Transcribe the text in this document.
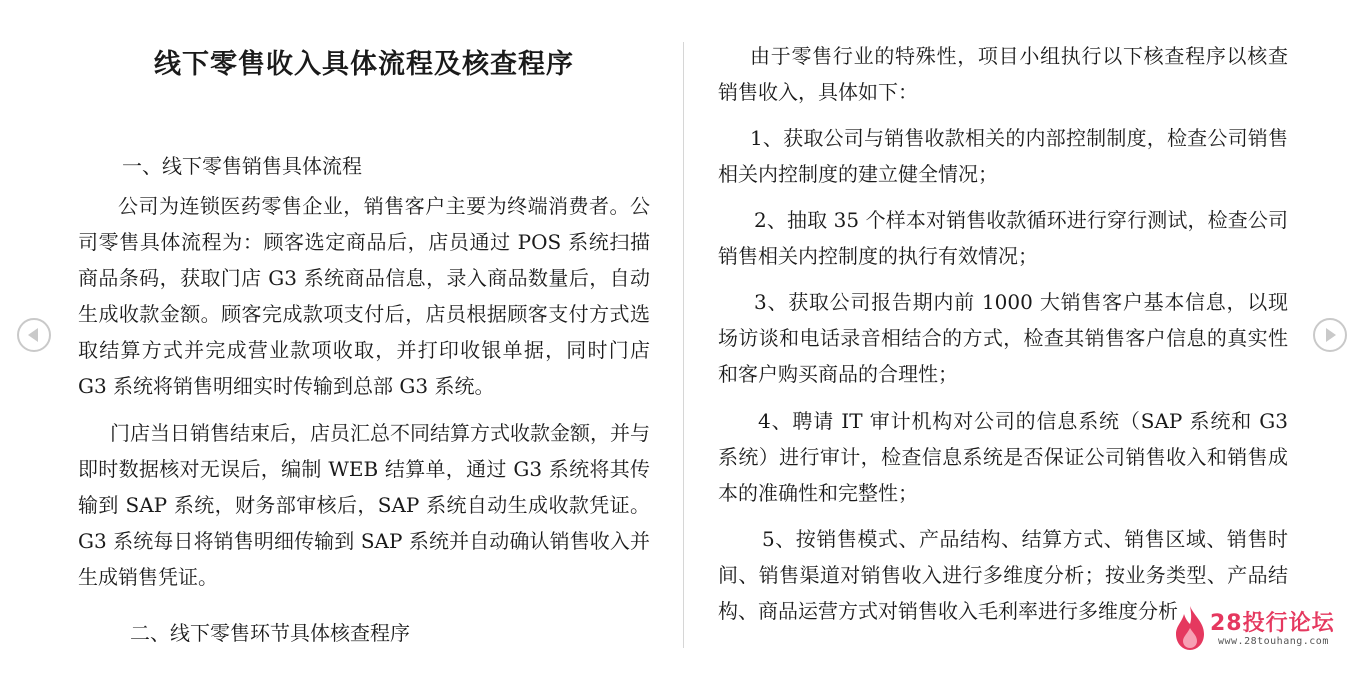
线下零售收入具体流程及核查程序
一、线下零售销售具体流程

公司为连锁医药零售企业，销售客户主要为终端消费者。公司零售具体流程为：顾客选定商品后，店员通过 POS 系统扫描商品条码，获取门店 G3 系统商品信息，录入商品数量后，自动生成收款金额。顾客完成款项支付后，店员根据顾客支付方式选取结算方式并完成营业款项收取，并打印收银单据，同时门店 G3 系统将销售明细实时传输到总部 G3 系统。

门店当日销售结束后，店员汇总不同结算方式收款金额，并与即时数据核对无误后，编制 WEB 结算单，通过 G3 系统将其传输到 SAP 系统，财务部审核后，SAP 系统自动生成收款凭证。G3 系统每日将销售明细传输到 SAP 系统并自动确认销售收入并生成销售凭证。

二、线下零售环节具体核查程序

由于零售行业的特殊性，项目小组执行以下核查程序以核查销售收入，具体如下：

1、获取公司与销售收款相关的内部控制制度，检查公司销售相关内控制度的建立健全情况；

2、抽取 35 个样本对销售收款循环进行穿行测试，检查公司销售相关内控制度的执行有效情况；

3、获取公司报告期内前 1000 大销售客户基本信息，以现场访谈和电话录音相结合的方式，检查其销售客户信息的真实性和客户购买商品的合理性；

4、聘请 IT 审计机构对公司的信息系统（SAP 系统和 G3 系统）进行审计，检查信息系统是否保证公司销售收入和销售成本的准确性和完整性；

5、按销售模式、产品结构、结算方式、销售区域、销售时间、销售渠道对销售收入进行多维度分析；按业务类型、产品结构、商品运营方式对销售收入毛利率进行多维度分析	28投行论坛
www.28touhang.com
